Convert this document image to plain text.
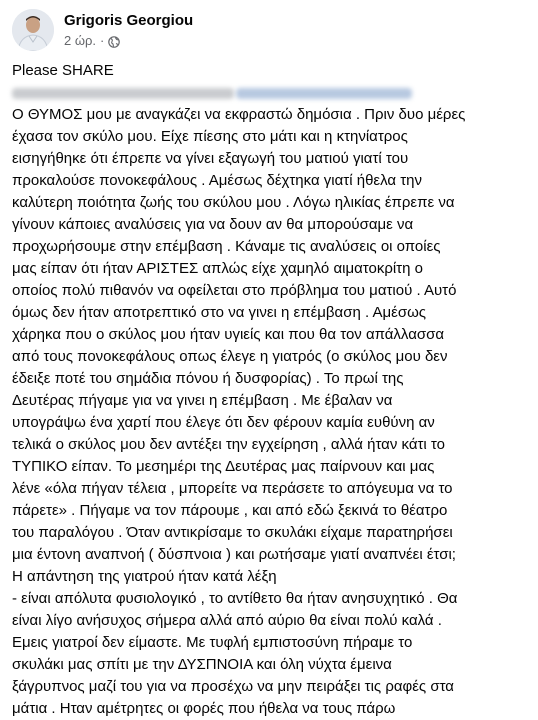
Grigoris Georgiou
2 ώρ. ·
Please SHARE
Ο ΘΥΜΟΣ μου με αναγκάζει να εκφραστώ δημόσια . Πριν δυο μέρες
έχασα τον σκύλο μου. Είχε πίεσης στο μάτι και η κτηνίατρος
εισηγήθηκε ότι έπρεπε να γίνει εξαγωγή του ματιού γιατί του
προκαλούσε πονοκεφάλους . Αμέσως δέχτηκα γιατί ήθελα την
καλύτερη ποιότητα ζωής του σκύλου μου . Λόγω ηλικίας έπρεπε να
γίνουν κάποιες αναλύσεις για να δουν αν θα μπορούσαμε να
προχωρήσουμε στην επέμβαση . Κάναμε τις αναλύσεις οι οποίες
μας είπαν ότι ήταν ΑΡΙΣΤΕΣ απλώς είχε χαμηλό αιματοκρίτη ο
οποίος πολύ πιθανόν να οφείλεται στο πρόβλημα του ματιού . Αυτό
όμως δεν ήταν αποτρεπτικό στο να γινει η επέμβαση . Αμέσως
χάρηκα που ο σκύλος μου ήταν υγιείς και που θα τον απάλλασσα
από τους πονοκεφάλους οπως έλεγε η γιατρός (ο σκύλος μου δεν
έδειξε ποτέ του σημάδια πόνου ή δυσφορίας) . Το πρωί της
Δευτέρας πήγαμε για να γινει η επέμβαση . Με έβαλαν να
υπογράψω ένα χαρτί που έλεγε ότι δεν φέρουν καμία ευθύνη αν
τελικά ο σκύλος μου δεν αντέξει την εγχείρηση , αλλά ήταν κάτι το
ΤΥΠΙΚΟ είπαν. Το μεσημέρι της Δευτέρας μας παίρνουν και μας
λένε «όλα πήγαν τέλεια , μπορείτε να περάσετε το απόγευμα να το
πάρετε» . Πήγαμε να τον πάρουμε , και από εδώ ξεκινά το θέατρο
του παραλόγου . Όταν αντικρίσαμε το σκυλάκι είχαμε παρατηρήσει
μια έντονη αναπνοή ( δύσπνοια ) και ρωτήσαμε γιατί αναπνέει έτσι;
Η απάντηση της γιατρού ήταν κατά λέξη
- είναι απόλυτα φυσιολογικό , το αντίθετο θα ήταν ανησυχητικό . Θα
είναι λίγο ανήσυχος σήμερα αλλά από αύριο θα είναι πολύ καλά .
Εμεις γιατροί δεν είμαστε. Με τυφλή εμπιστοσύνη πήραμε το
σκυλάκι μας σπίτι με την ΔΥΣΠΝΟΙΑ και όλη νύχτα έμεινα
ξάγρυπνος μαζί του για να προσέχω να μην πειράξει τις ραφές στα
μάτια . Ηταν αμέτρητες οι φορές που ήθελα να τους πάρω
